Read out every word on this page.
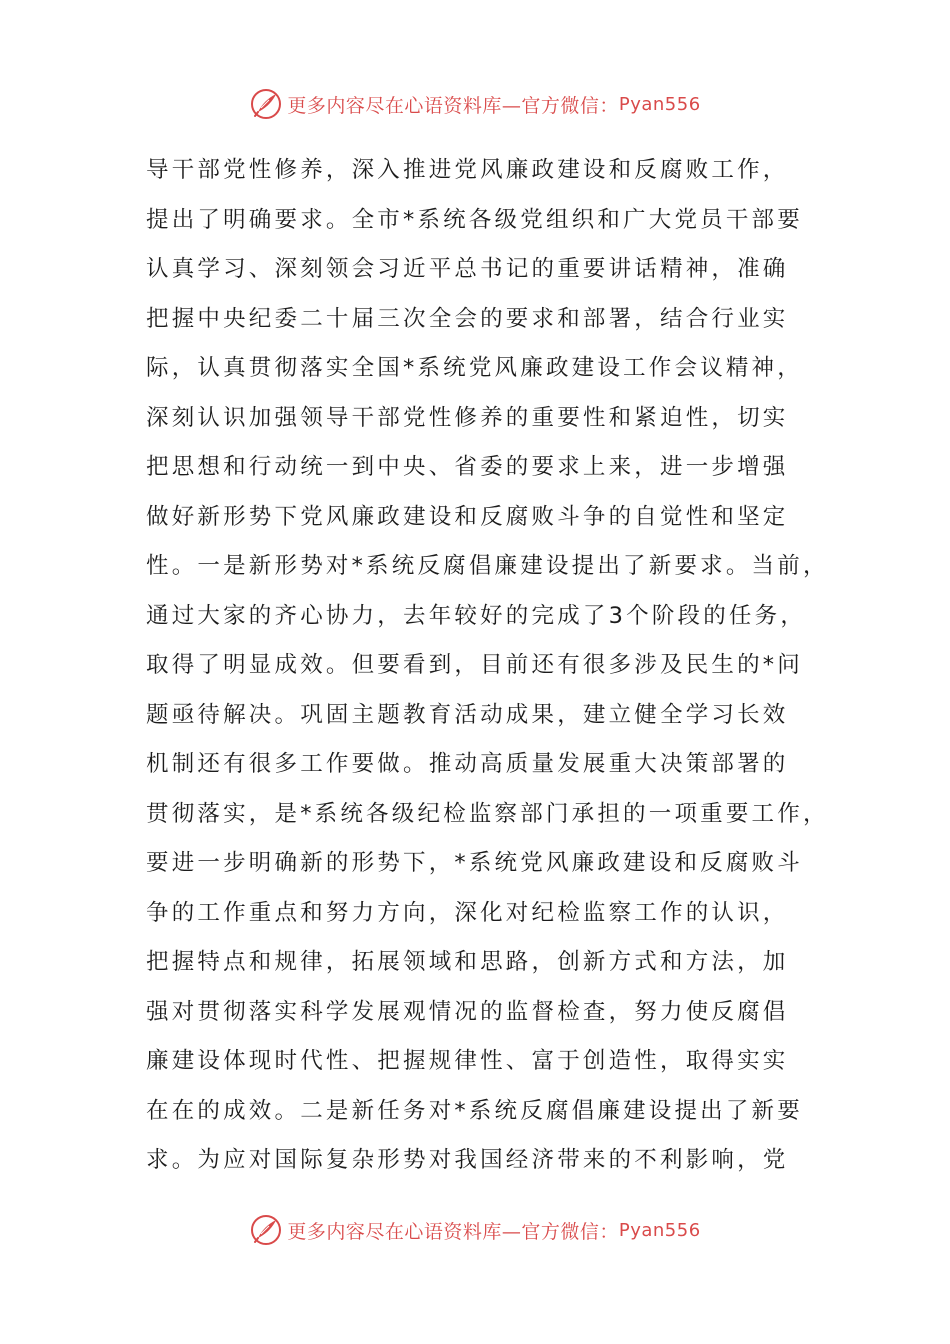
更多内容尽在心语资料库—官方微信： Pyan556
导干部党性修养，深入推进党风廉政建设和反腐败工作，
提出了明确要求。全市*系统各级党组织和广大党员干部要
认真学习、深刻领会习近平总书记的重要讲话精神，准确
把握中央纪委二十届三次全会的要求和部署，结合行业实
际，认真贯彻落实全国*系统党风廉政建设工作会议精神，
深刻认识加强领导干部党性修养的重要性和紧迫性，切实
把思想和行动统一到中央、省委的要求上来，进一步增强
做好新形势下党风廉政建设和反腐败斗争的自觉性和坚定
性。一是新形势对*系统反腐倡廉建设提出了新要求。当前，
通过大家的齐心协力，去年较好的完成了3个阶段的任务，
取得了明显成效。但要看到，目前还有很多涉及民生的*问
题亟待解决。巩固主题教育活动成果，建立健全学习长效
机制还有很多工作要做。推动高质量发展重大决策部署的
贯彻落实，是*系统各级纪检监察部门承担的一项重要工作，
要进一步明确新的形势下，*系统党风廉政建设和反腐败斗
争的工作重点和努力方向，深化对纪检监察工作的认识，
把握特点和规律，拓展领域和思路，创新方式和方法，加
强对贯彻落实科学发展观情况的监督检查，努力使反腐倡
廉建设体现时代性、把握规律性、富于创造性，取得实实
在在的成效。二是新任务对*系统反腐倡廉建设提出了新要
求。为应对国际复杂形势对我国经济带来的不利影响，党
更多内容尽在心语资料库—官方微信： Pyan556
